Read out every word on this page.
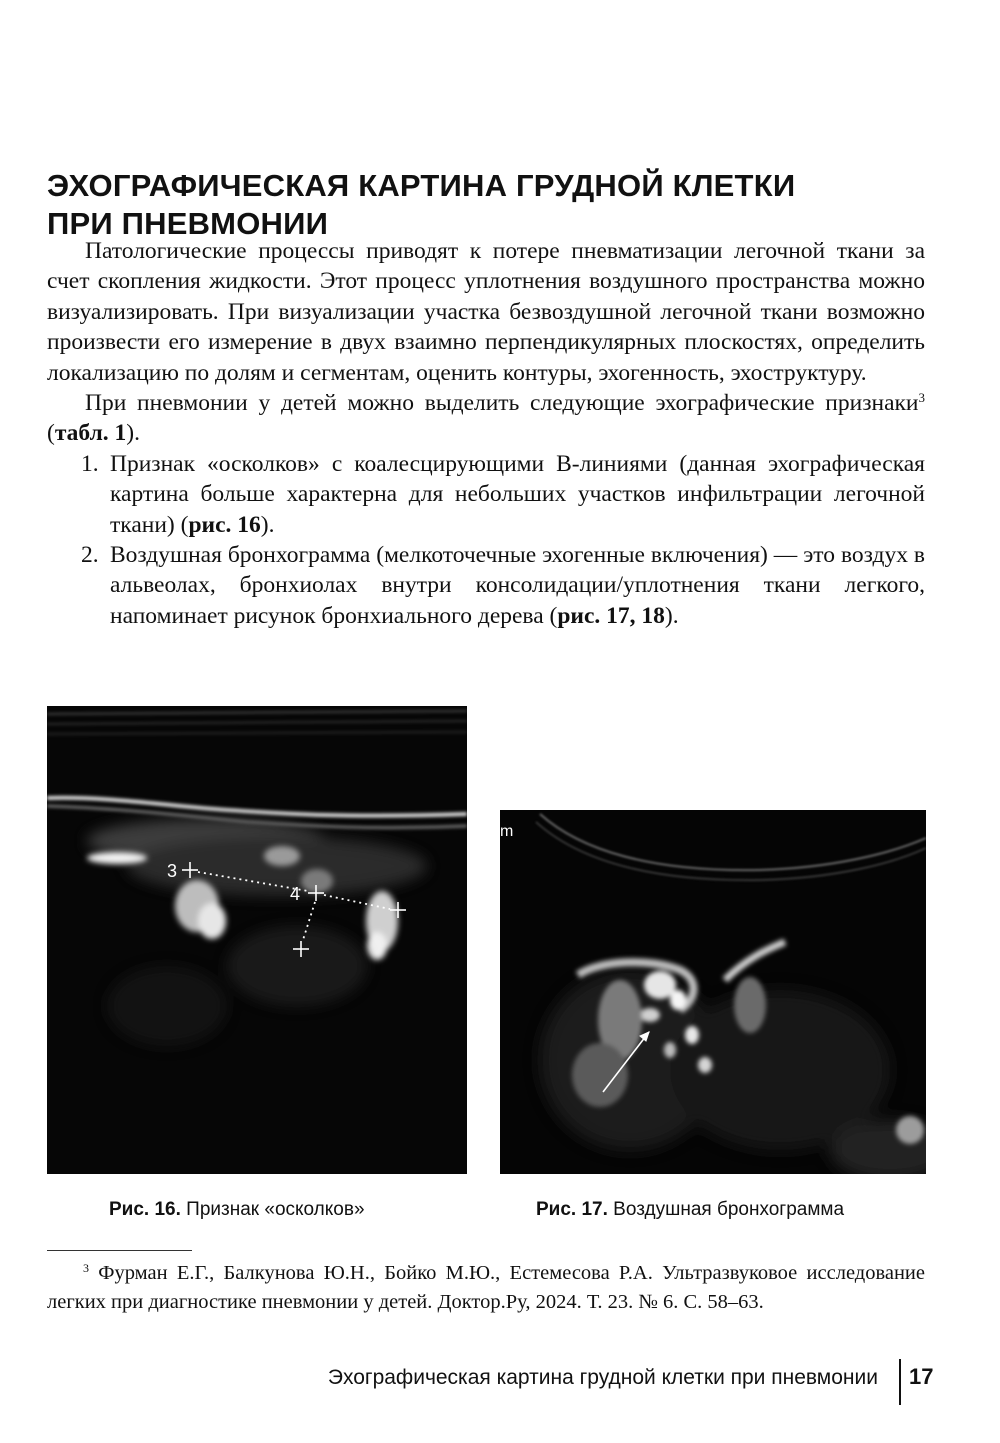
ЭХОГРАФИЧЕСКАЯ КАРТИНА ГРУДНОЙ КЛЕТКИ
ПРИ ПНЕВМОНИИ

Патологические процессы приводят к потере пневматизации легочной ткани за счет скопления жидкости. Этот процесс уплотнения воздушного пространства можно визуализировать. При визуализации участка безвоздушной легочной ткани возможно произвести его измерение в двух взаимно перпендикулярных плоскостях, определить локализацию по долям и сегментам, оценить контуры, эхогенность, эхоструктуру.

При пневмонии у детей можно выделить следующие эхографические признаки$^3$ (табл. 1).

1. Признак «осколков» с коалесцирующими В-линиями (данная эхографическая картина больше характерна для небольших участков инфильтрации легочной ткани) (рис. 16).
2. Воздушная бронхограмма (мелкоточечные эхогенные включения) — это воздух в альвеолах, бронхиолах внутри консолидации/уплотнения ткани легкого, напоминает рисунок бронхиального дерева (рис. 17, 18).
3
4
m
Рис. 16. Признак «осколков»	Рис. 17. Воздушная бронхограмма
$^3$ Фурман Е.Г., Балкунова Ю.Н., Бойко М.Ю., Естемесова Р.А. Ультразвуковое исследование легких при диагностике пневмонии у детей. Доктор.Ру, 2024. Т. 23. № 6. С. 58–63.
Эхографическая картина грудной клетки при пневмонии 17
